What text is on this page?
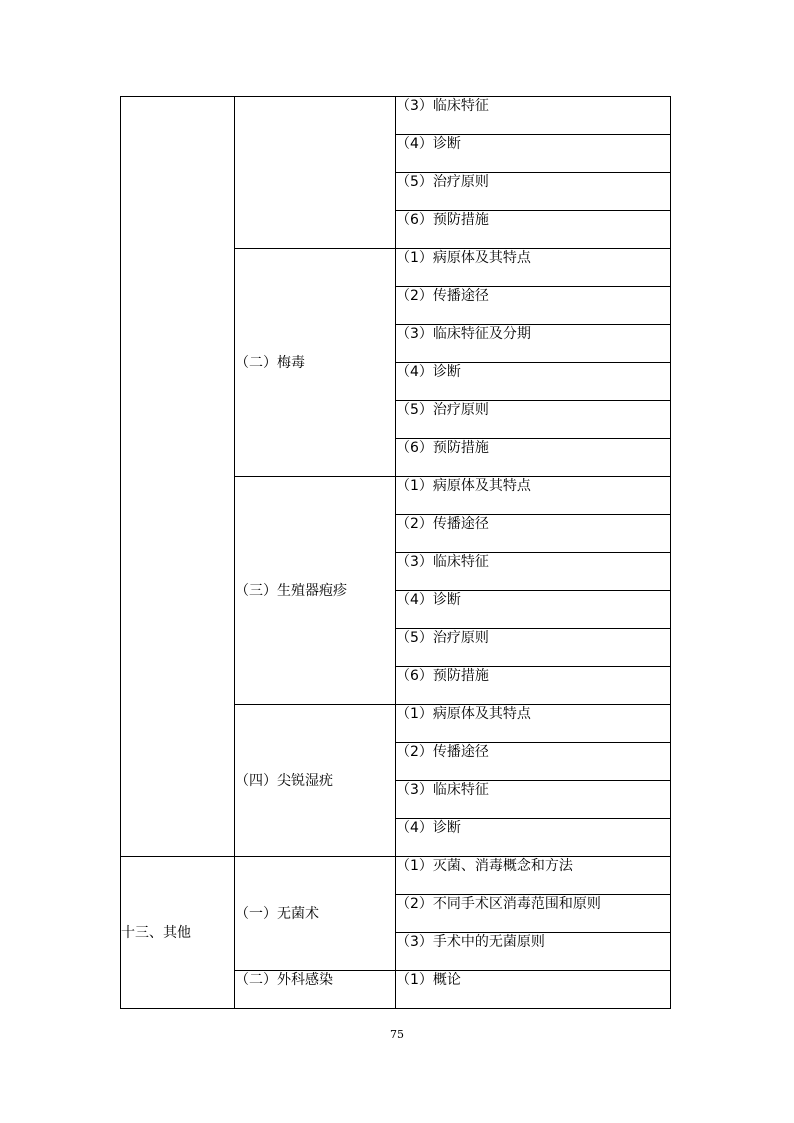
		（3）临床特征
		（4）诊断
		（5）治疗原则
		（6）预防措施
	（二）梅毒	（1）病原体及其特点
		（2）传播途径
		（3）临床特征及分期
		（4）诊断
		（5）治疗原则
		（6）预防措施
	（三）生殖器疱疹	（1）病原体及其特点
		（2）传播途径
		（3）临床特征
		（4）诊断
		（5）治疗原则
		（6）预防措施
	（四）尖锐湿疣	（1）病原体及其特点
		（2）传播途径
		（3）临床特征
		（4）诊断
十三、其他	（一）无菌术	（1）灭菌、消毒概念和方法
		（2）不同手术区消毒范围和原则
		（3）手术中的无菌原则
	（二）外科感染	（1）概论
75
